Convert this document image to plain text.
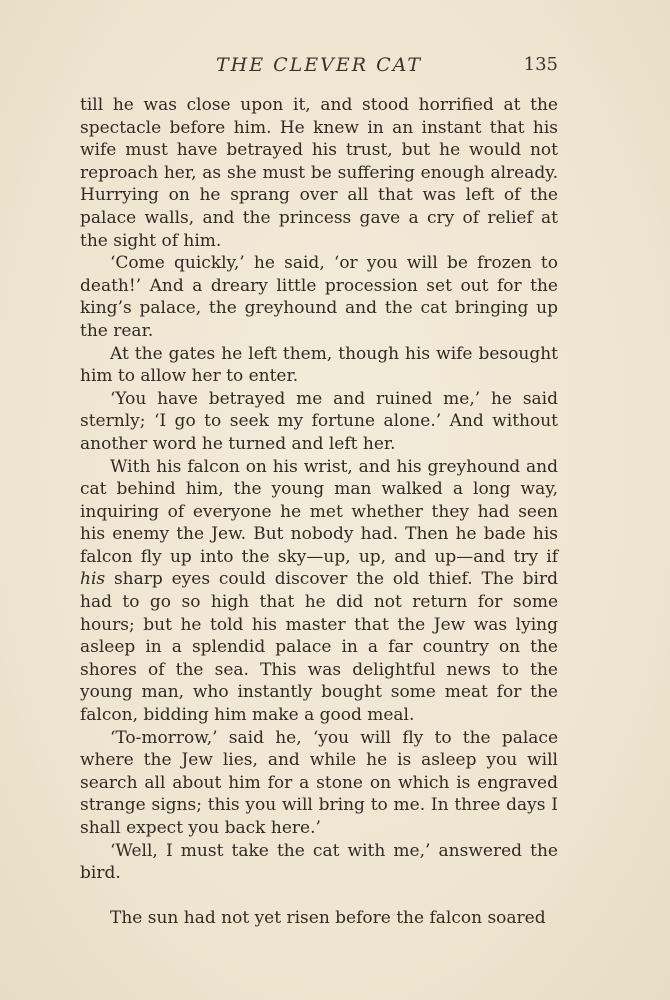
THE CLEVER CAT	135

till he was close upon it, and stood horrified at the spectacle before him. He knew in an instant that his wife must have betrayed his trust, but he would not reproach her, as she must be suffering enough already. Hurrying on he sprang over all that was left of the palace walls, and the princess gave a cry of relief at the sight of him.

‘Come quickly,’ he said, ‘or you will be frozen to death!’ And a dreary little procession set out for the king’s palace, the greyhound and the cat bringing up the rear.

At the gates he left them, though his wife besought him to allow her to enter.

‘You have betrayed me and ruined me,’ he said sternly; ‘I go to seek my fortune alone.’ And without another word he turned and left her.

With his falcon on his wrist, and his greyhound and cat behind him, the young man walked a long way, inquiring of everyone he met whether they had seen his enemy the Jew. But nobody had. Then he bade his falcon fly up into the sky—up, up, and up—and try if his sharp eyes could discover the old thief. The bird had to go so high that he did not return for some hours; but he told his master that the Jew was lying asleep in a splendid palace in a far country on the shores of the sea. This was delightful news to the young man, who instantly bought some meat for the falcon, bidding him make a good meal.

‘To-morrow,’ said he, ‘you will fly to the palace where the Jew lies, and while he is asleep you will search all about him for a stone on which is engraved strange signs; this you will bring to me. In three days I shall expect you back here.’

‘Well, I must take the cat with me,’ answered the bird.

The sun had not yet risen before the falcon soared
